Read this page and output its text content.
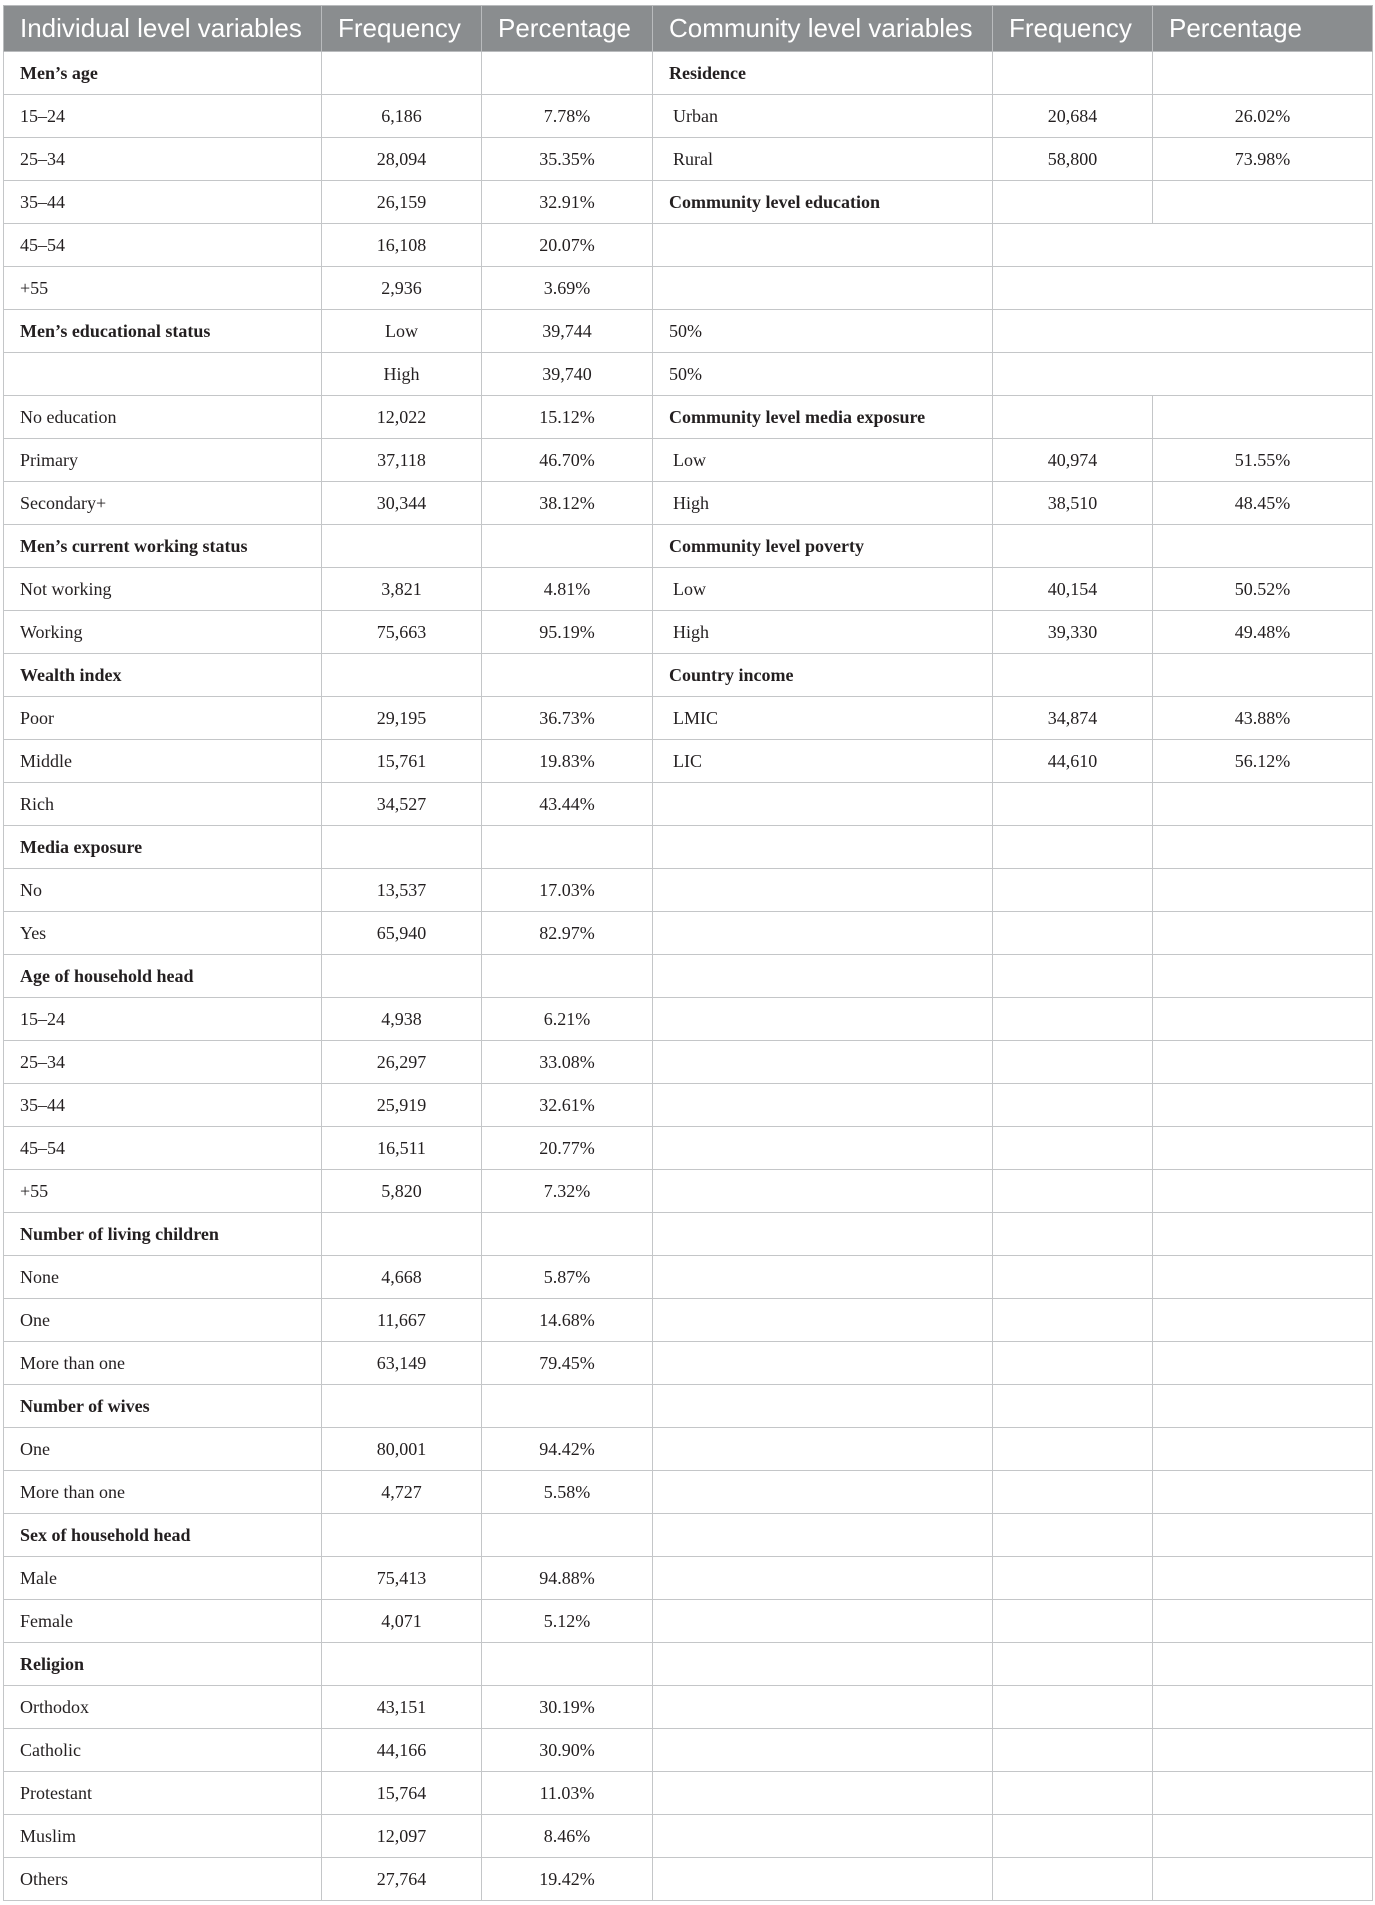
Individual level variables	Frequency	Percentage	Community level variables	Frequency	Percentage
Men’s age			Residence		
15–24	6,186	7.78%	Urban	20,684	26.02%
25–34	28,094	35.35%	Rural	58,800	73.98%
35–44	26,159	32.91%	Community level education		
45–54	16,108	20.07%			
+55	2,936	3.69%			
Men’s educational status	Low	39,744	50%		
	High	39,740	50%		
No education	12,022	15.12%	Community level media exposure		
Primary	37,118	46.70%	Low	40,974	51.55%
Secondary+	30,344	38.12%	High	38,510	48.45%
Men’s current working status			Community level poverty		
Not working	3,821	4.81%	Low	40,154	50.52%
Working	75,663	95.19%	High	39,330	49.48%
Wealth index			Country income		
Poor	29,195	36.73%	LMIC	34,874	43.88%
Middle	15,761	19.83%	LIC	44,610	56.12%
Rich	34,527	43.44%			
Media exposure					
No	13,537	17.03%			
Yes	65,940	82.97%			
Age of household head					
15–24	4,938	6.21%			
25–34	26,297	33.08%			
35–44	25,919	32.61%			
45–54	16,511	20.77%			
+55	5,820	7.32%			
Number of living children					
None	4,668	5.87%			
One	11,667	14.68%			
More than one	63,149	79.45%			
Number of wives					
One	80,001	94.42%			
More than one	4,727	5.58%			
Sex of household head					
Male	75,413	94.88%			
Female	4,071	5.12%			
Religion					
Orthodox	43,151	30.19%			
Catholic	44,166	30.90%			
Protestant	15,764	11.03%			
Muslim	12,097	8.46%			
Others	27,764	19.42%			
